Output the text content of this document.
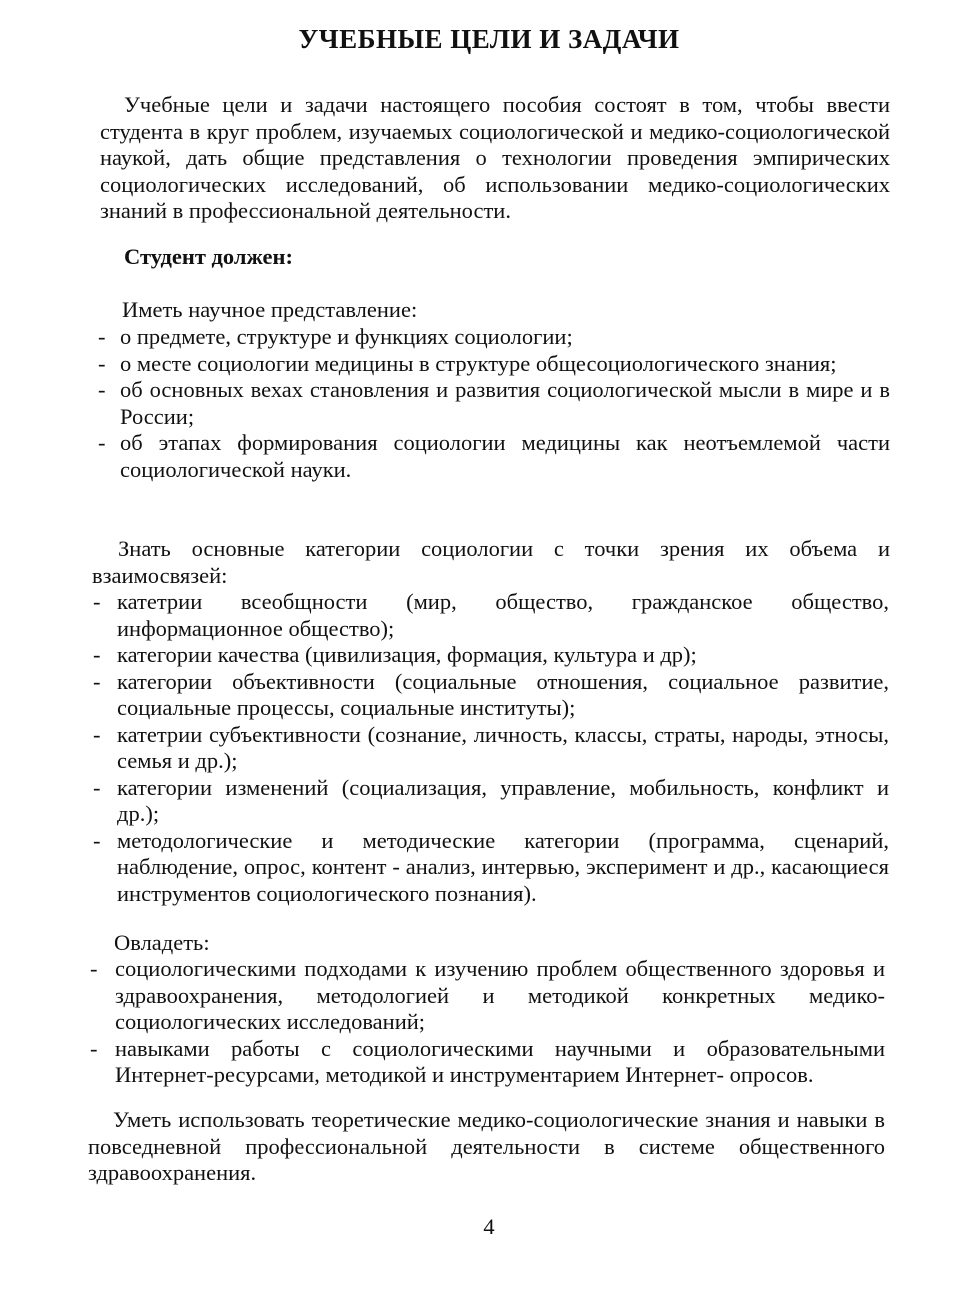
УЧЕБНЫЕ ЦЕЛИ И ЗАДАЧИ

Учебные цели и задачи настоящего пособия состоят в том, чтобы ввести студента в круг проблем, изучаемых социологической и медико-социологической наукой, дать общие представления о технологии проведения эмпирических социологических исследований, об использовании медико-социологических знаний в профессиональной деятельности.

Студент должен:
Иметь научное представление:
- о предмете, структуре и функциях социологии;
- о месте социологии медицины в структуре общесоциологического знания;
- об основных вехах становления и развития социологической мысли в мире и в России;
- об этапах формирования социологии медицины как неотъемлемой части социологической науки.

Знать основные категории социологии с точки зрения их объема и взаимосвязей:

- катетрии всеобщности (мир, общество, гражданское общество, информационное общество);
- категории качества (цивилизация, формация, культура и др);
- категории объективности (социальные отношения, социальное развитие, социальные процессы, социальные институты);
- катетрии субъективности (сознание, личность, классы, страты, народы, этносы, семья и др.);
- категории изменений (социализация, управление, мобильность, конфликт и др.);
- методологические и методические категории (программа, сценарий, наблюдение, опрос, контент - анализ, интервью, эксперимент и др., касающиеся инструментов социологического познания).
Овладеть:
- социологическими подходами к изучению проблем общественного здоровья и здравоохранения, методологией и методикой конкретных медико-социологических исследований;
- навыками работы с социологическими научными и образовательными Интернет-ресурсами, методикой и инструментарием Интернет- опросов.

Уметь использовать теоретические медико-социологические знания и навыки в повседневной профессиональной деятельности в системе общественного здравоохранения.

4
